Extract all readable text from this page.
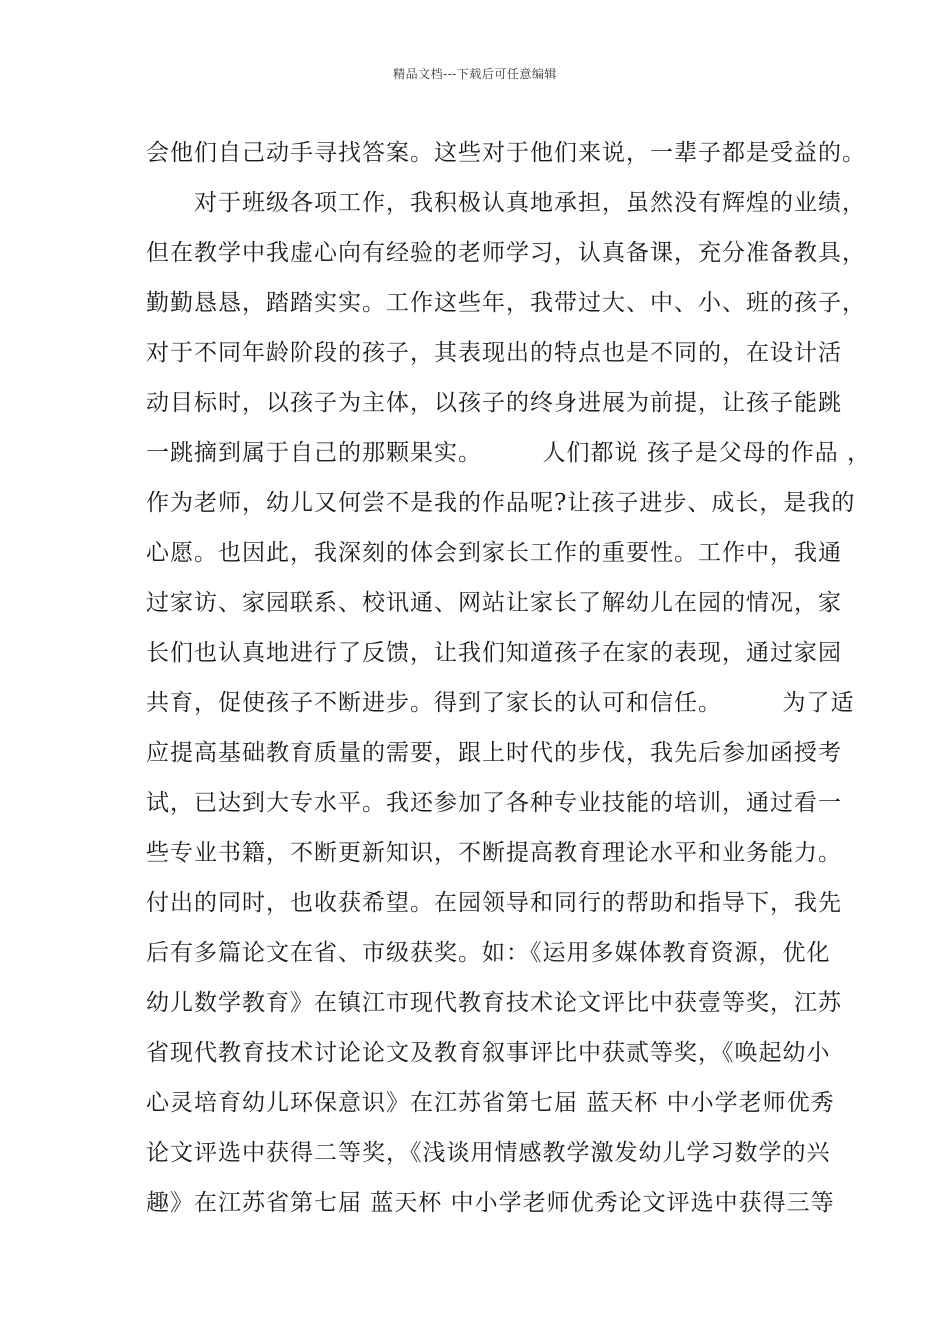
精品文档---下载后可任意编辑
会他们自己动手寻找答案。这些对于他们来说，一辈子都是受益的。
　　对于班级各项工作，我积极认真地承担，虽然没有辉煌的业绩，
但在教学中我虚心向有经验的老师学习，认真备课，充分准备教具，
勤勤恳恳，踏踏实实。工作这些年，我带过大、中、小、班的孩子，
对于不同年龄阶段的孩子，其表现出的特点也是不同的，在设计活
动目标时，以孩子为主体，以孩子的终身进展为前提，让孩子能跳
一跳摘到属于自己的那颗果实。　　　人们都说 孩子是父母的作品 ，
作为老师，幼儿又何尝不是我的作品呢?让孩子进步、成长，是我的
心愿。也因此，我深刻的体会到家长工作的重要性。工作中，我通
过家访、家园联系、校讯通、网站让家长了解幼儿在园的情况，家
长们也认真地进行了反馈，让我们知道孩子在家的表现，通过家园
共育，促使孩子不断进步。得到了家长的认可和信任。　　　为了适
应提高基础教育质量的需要，跟上时代的步伐，我先后参加函授考
试，已达到大专水平。我还参加了各种专业技能的培训，通过看一
些专业书籍，不断更新知识，不断提高教育理论水平和业务能力。
付出的同时，也收获希望。在园领导和同行的帮助和指导下，我先
后有多篇论文在省、市级获奖。如：《运用多媒体教育资源，优化
幼儿数学教育》在镇江市现代教育技术论文评比中获壹等奖，江苏
省现代教育技术讨论论文及教育叙事评比中获贰等奖，《唤起幼小
心灵培育幼儿环保意识》在江苏省第七届 蓝天杯 中小学老师优秀
论文评选中获得二等奖，《浅谈用情感教学激发幼儿学习数学的兴
趣》在江苏省第七届 蓝天杯 中小学老师优秀论文评选中获得三等
